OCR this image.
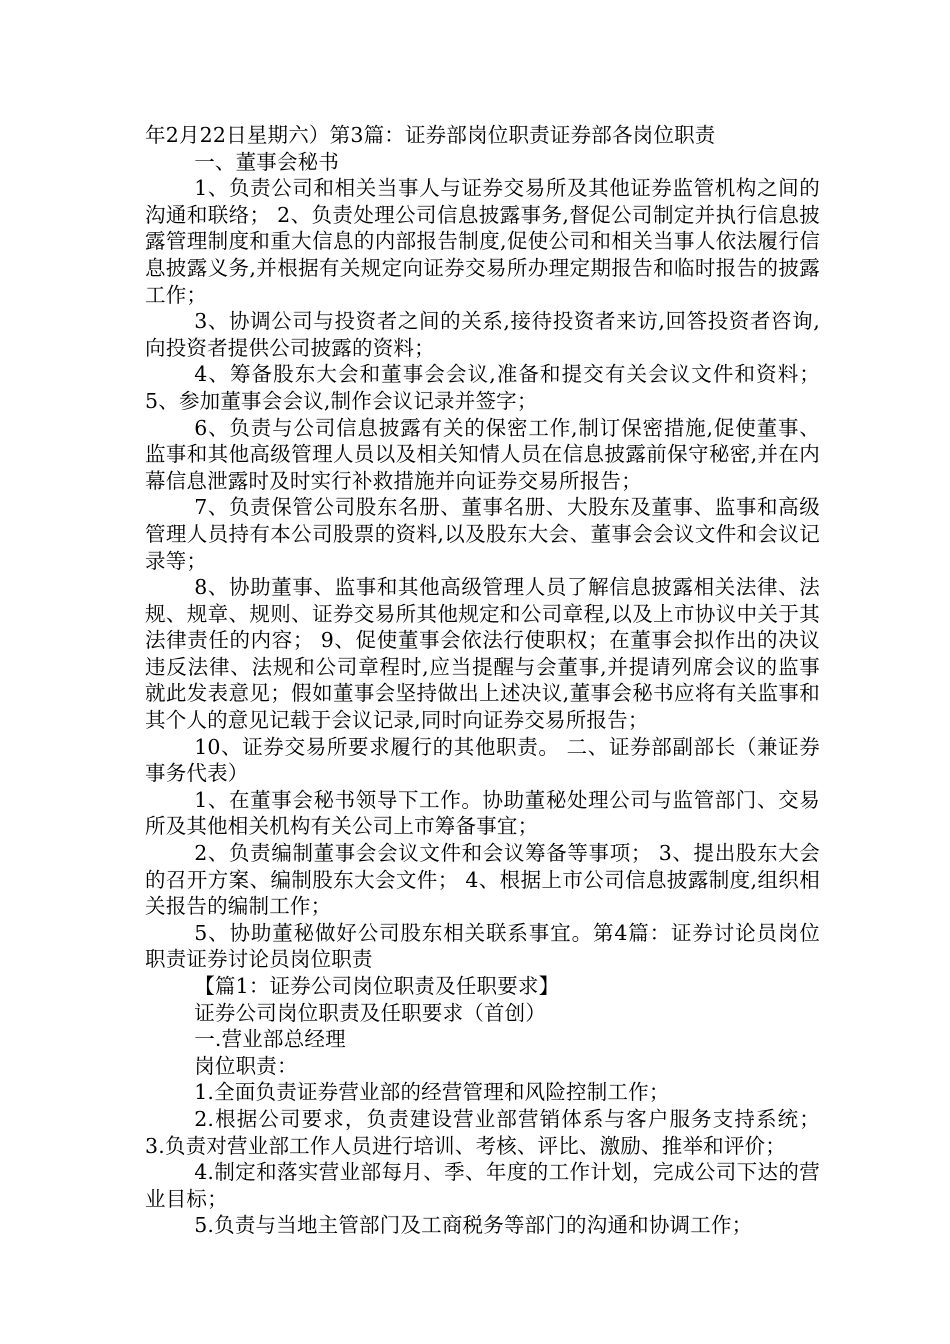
年2月22日星期六）第3篇：证券部岗位职责证券部各岗位职责

一、董事会秘书

1、负责公司和相关当事人与证券交易所及其他证券监管机构之间的沟通和联络； 2、负责处理公司信息披露事务,督促公司制定并执行信息披露管理制度和重大信息的内部报告制度,促使公司和相关当事人依法履行信息披露义务,并根据有关规定向证券交易所办理定期报告和临时报告的披露工作；

3、协调公司与投资者之间的关系,接待投资者来访,回答投资者咨询,向投资者提供公司披露的资料；

4、筹备股东大会和董事会会议,准备和提交有关会议文件和资料； 5、参加董事会会议,制作会议记录并签字；

6、负责与公司信息披露有关的保密工作,制订保密措施,促使董事、监事和其他高级管理人员以及相关知情人员在信息披露前保守秘密,并在内幕信息泄露时及时实行补救措施并向证券交易所报告；

7、负责保管公司股东名册、董事名册、大股东及董事、监事和高级管理人员持有本公司股票的资料,以及股东大会、董事会会议文件和会议记录等；

8、协助董事、监事和其他高级管理人员了解信息披露相关法律、法规、规章、规则、证券交易所其他规定和公司章程,以及上市协议中关于其法律责任的内容； 9、促使董事会依法行使职权；在董事会拟作出的决议违反法律、法规和公司章程时,应当提醒与会董事,并提请列席会议的监事就此发表意见；假如董事会坚持做出上述决议,董事会秘书应将有关监事和其个人的意见记载于会议记录,同时向证券交易所报告；

10、证券交易所要求履行的其他职责。 二、证券部副部长（兼证券事务代表）

1、在董事会秘书领导下工作。协助董秘处理公司与监管部门、交易所及其他相关机构有关公司上市筹备事宜；

2、负责编制董事会会议文件和会议筹备等事项； 3、提出股东大会的召开方案、编制股东大会文件； 4、根据上市公司信息披露制度,组织相关报告的编制工作；

5、协助董秘做好公司股东相关联系事宜。第4篇：证券讨论员岗位职责证券讨论员岗位职责

【篇1：证券公司岗位职责及任职要求】

证券公司岗位职责及任职要求（首创）

一.营业部总经理

岗位职责：

1.全面负责证券营业部的经营管理和风险控制工作；

2.根据公司要求，负责建设营业部营销体系与客户服务支持系统； 3.负责对营业部工作人员进行培训、考核、评比、激励、推举和评价；

4.制定和落实营业部每月、季、年度的工作计划，完成公司下达的营业目标；

5.负责与当地主管部门及工商税务等部门的沟通和协调工作；
